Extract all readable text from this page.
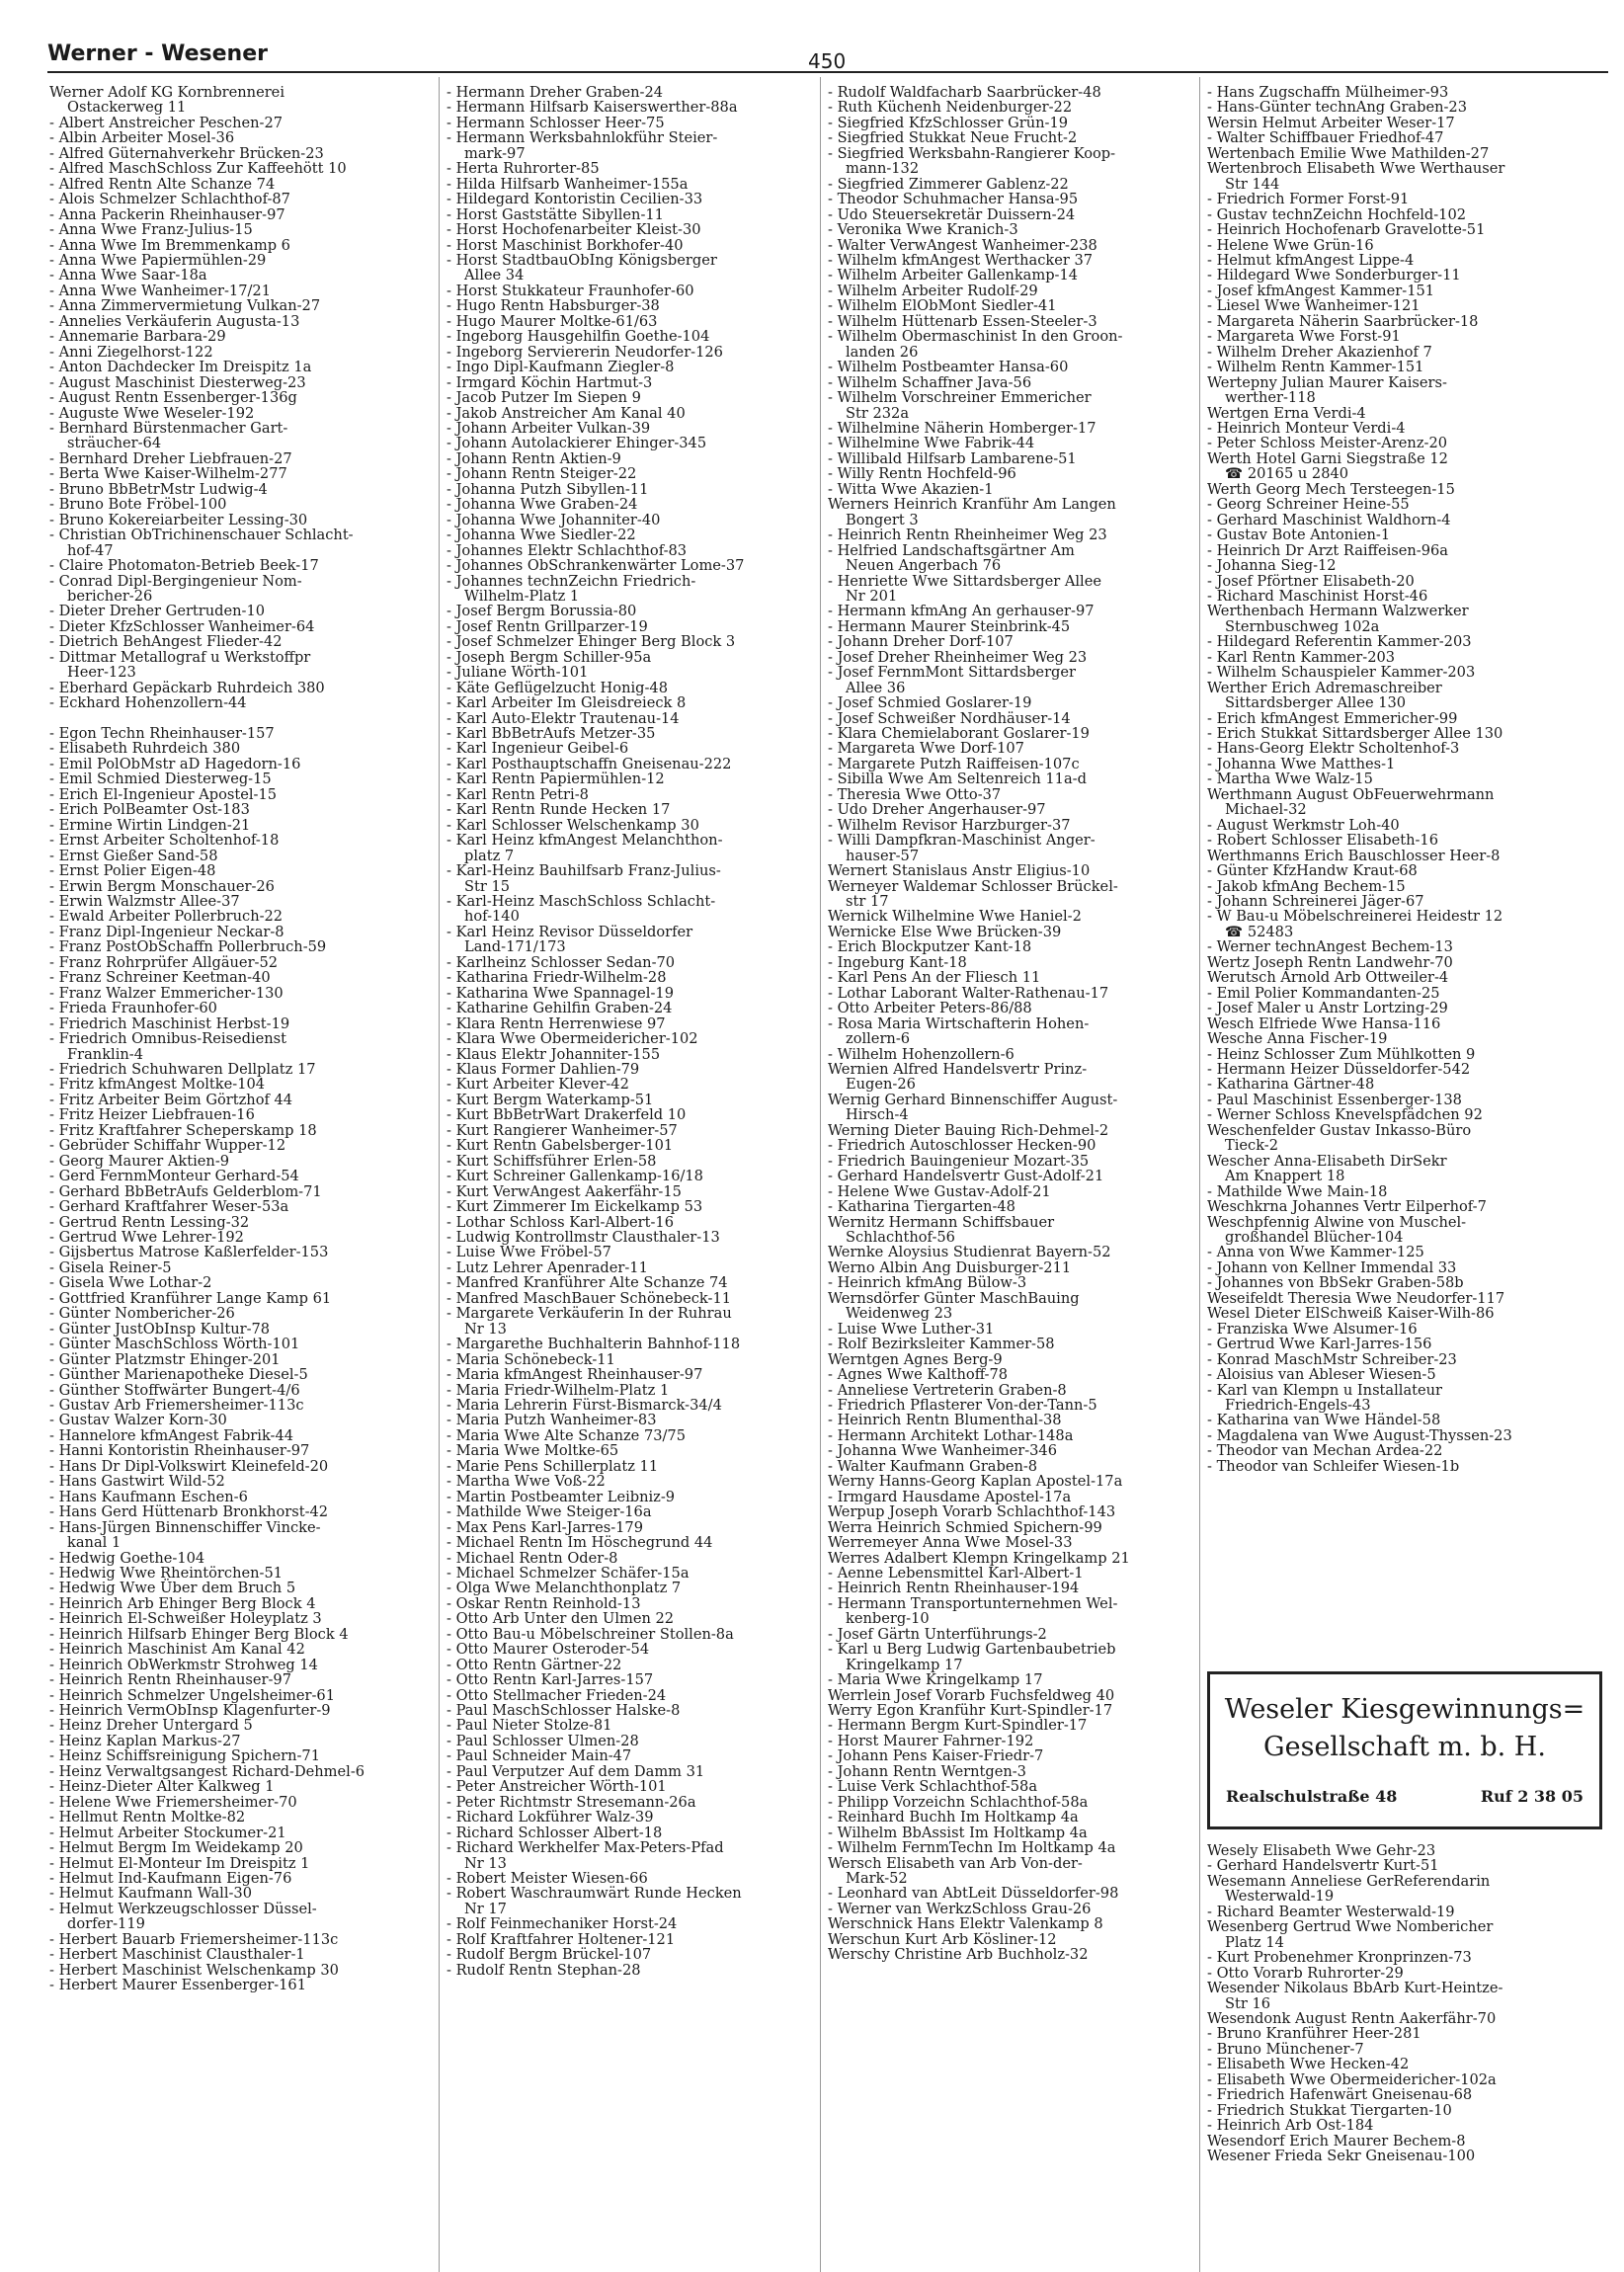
Werner - Wesener	450
Werner Adolf KG Kornbrennerei
Ostackerweg 11
- Albert Anstreicher Peschen-27
- Albin Arbeiter Mosel-36
- Alfred Güternahverkehr Brücken-23
- Alfred MaschSchloss Zur Kaffeehött 10
- Alfred Rentn Alte Schanze 74
- Alois Schmelzer Schlachthof-87
- Anna Packerin Rheinhauser-97
- Anna Wwe Franz-Julius-15
- Anna Wwe Im Bremmenkamp 6
- Anna Wwe Papiermühlen-29
- Anna Wwe Saar-18a
- Anna Wwe Wanheimer-17/21
- Anna Zimmervermietung Vulkan-27
- Annelies Verkäuferin Augusta-13
- Annemarie Barbara-29
- Anni Ziegelhorst-122
- Anton Dachdecker Im Dreispitz 1a
- August Maschinist Diesterweg-23
- August Rentn Essenberger-136g
- Auguste Wwe Weseler-192
- Bernhard Bürstenmacher Gart-
sträucher-64
- Bernhard Dreher Liebfrauen-27
- Berta Wwe Kaiser-Wilhelm-277
- Bruno BbBetrMstr Ludwig-4
- Bruno Bote Fröbel-100
- Bruno Kokereiarbeiter Lessing-30
- Christian ObTrichinenschauer Schlacht-
hof-47
- Claire Photomaton-Betrieb Beek-17
- Conrad Dipl-Bergingenieur Nom-
bericher-26
- Dieter Dreher Gertruden-10
- Dieter KfzSchlosser Wanheimer-64
- Dietrich BehAngest Flieder-42
- Dittmar Metallograf u Werkstoffpr
Heer-123
- Eberhard Gepäckarb Ruhrdeich 380
- Eckhard Hohenzollern-44

- Egon Techn Rheinhauser-157
- Elisabeth Ruhrdeich 380
- Emil PolObMstr aD Hagedorn-16
- Emil Schmied Diesterweg-15
- Erich El-Ingenieur Apostel-15
- Erich PolBeamter Ost-183
- Ermine Wirtin Lindgen-21
- Ernst Arbeiter Scholtenhof-18
- Ernst Gießer Sand-58
- Ernst Polier Eigen-48
- Erwin Bergm Monschauer-26
- Erwin Walzmstr Allee-37
- Ewald Arbeiter Pollerbruch-22
- Franz Dipl-Ingenieur Neckar-8
- Franz PostObSchaffn Pollerbruch-59
- Franz Rohrprüfer Allgäuer-52
- Franz Schreiner Keetman-40
- Franz Walzer Emmericher-130
- Frieda Fraunhofer-60
- Friedrich Maschinist Herbst-19
- Friedrich Omnibus-Reisedienst
Franklin-4
- Friedrich Schuhwaren Dellplatz 17
- Fritz kfmAngest Moltke-104
- Fritz Arbeiter Beim Görtzhof 44
- Fritz Heizer Liebfrauen-16
- Fritz Kraftfahrer Scheperskamp 18
- Gebrüder Schiffahr Wupper-12
- Georg Maurer Aktien-9
- Gerd FernmMonteur Gerhard-54
- Gerhard BbBetrAufs Gelderblom-71
- Gerhard Kraftfahrer Weser-53a
- Gertrud Rentn Lessing-32
- Gertrud Wwe Lehrer-192
- Gijsbertus Matrose Kaßlerfelder-153
- Gisela Reiner-5
- Gisela Wwe Lothar-2
- Gottfried Kranführer Lange Kamp 61
- Günter Nombericher-26
- Günter JustObInsp Kultur-78
- Günter MaschSchloss Wörth-101
- Günter Platzmstr Ehinger-201
- Günther Marienapotheke Diesel-5
- Günther Stoffwärter Bungert-4/6
- Gustav Arb Friemersheimer-113c
- Gustav Walzer Korn-30
- Hannelore kfmAngest Fabrik-44
- Hanni Kontoristin Rheinhauser-97
- Hans Dr Dipl-Volkswirt Kleinefeld-20
- Hans Gastwirt Wild-52
- Hans Kaufmann Eschen-6
- Hans Gerd Hüttenarb Bronkhorst-42
- Hans-Jürgen Binnenschiffer Vincke-
kanal 1
- Hedwig Goethe-104
- Hedwig Wwe Rheintörchen-51
- Hedwig Wwe Über dem Bruch 5
- Heinrich Arb Ehinger Berg Block 4
- Heinrich El-Schweißer Holeyplatz 3
- Heinrich Hilfsarb Ehinger Berg Block 4
- Heinrich Maschinist Am Kanal 42
- Heinrich ObWerkmstr Strohweg 14
- Heinrich Rentn Rheinhauser-97
- Heinrich Schmelzer Ungelsheimer-61
- Heinrich VermObInsp Klagenfurter-9
- Heinz Dreher Untergard 5
- Heinz Kaplan Markus-27
- Heinz Schiffsreinigung Spichern-71
- Heinz Verwaltgsangest Richard-Dehmel-6
- Heinz-Dieter Alter Kalkweg 1
- Helene Wwe Friemersheimer-70
- Hellmut Rentn Moltke-82
- Helmut Arbeiter Stockumer-21
- Helmut Bergm Im Weidekamp 20
- Helmut El-Monteur Im Dreispitz 1
- Helmut Ind-Kaufmann Eigen-76
- Helmut Kaufmann Wall-30
- Helmut Werkzeugschlosser Düssel-
dorfer-119
- Herbert Bauarb Friemersheimer-113c
- Herbert Maschinist Clausthaler-1
- Herbert Maschinist Welschenkamp 30
- Herbert Maurer Essenberger-161
- Hermann Dreher Graben-24
- Hermann Hilfsarb Kaiserswerther-88a
- Hermann Schlosser Heer-75
- Hermann Werksbahnlokführ Steier-
mark-97
- Herta Ruhrorter-85
- Hilda Hilfsarb Wanheimer-155a
- Hildegard Kontoristin Cecilien-33
- Horst Gaststätte Sibyllen-11
- Horst Hochofenarbeiter Kleist-30
- Horst Maschinist Borkhofer-40
- Horst StadtbauObIng Königsberger
Allee 34
- Horst Stukkateur Fraunhofer-60
- Hugo Rentn Habsburger-38
- Hugo Maurer Moltke-61/63
- Ingeborg Hausgehilfin Goethe-104
- Ingeborg Serviererin Neudorfer-126
- Ingo Dipl-Kaufmann Ziegler-8
- Irmgard Köchin Hartmut-3
- Jacob Putzer Im Siepen 9
- Jakob Anstreicher Am Kanal 40
- Johann Arbeiter Vulkan-39
- Johann Autolackierer Ehinger-345
- Johann Rentn Aktien-9
- Johann Rentn Steiger-22
- Johanna Putzh Sibyllen-11
- Johanna Wwe Graben-24
- Johanna Wwe Johanniter-40
- Johanna Wwe Siedler-22
- Johannes Elektr Schlachthof-83
- Johannes ObSchrankenwärter Lome-37
- Johannes technZeichn Friedrich-
Wilhelm-Platz 1
- Josef Bergm Borussia-80
- Josef Rentn Grillparzer-19
- Josef Schmelzer Ehinger Berg Block 3
- Joseph Bergm Schiller-95a
- Juliane Wörth-101
- Käte Geflügelzucht Honig-48
- Karl Arbeiter Im Gleisdreieck 8
- Karl Auto-Elektr Trautenau-14
- Karl BbBetrAufs Metzer-35
- Karl Ingenieur Geibel-6
- Karl Posthauptschaffn Gneisenau-222
- Karl Rentn Papiermühlen-12
- Karl Rentn Petri-8
- Karl Rentn Runde Hecken 17
- Karl Schlosser Welschenkamp 30
- Karl Heinz kfmAngest Melanchthon-
platz 7
- Karl-Heinz Bauhilfsarb Franz-Julius-
Str 15
- Karl-Heinz MaschSchloss Schlacht-
hof-140
- Karl Heinz Revisor Düsseldorfer
Land-171/173
- Karlheinz Schlosser Sedan-70
- Katharina Friedr-Wilhelm-28
- Katharina Wwe Spannagel-19
- Katharine Gehilfin Graben-24
- Klara Rentn Herrenwiese 97
- Klara Wwe Obermeidericher-102
- Klaus Elektr Johanniter-155
- Klaus Former Dahlien-79
- Kurt Arbeiter Klever-42
- Kurt Bergm Waterkamp-51
- Kurt BbBetrWart Drakerfeld 10
- Kurt Rangierer Wanheimer-57
- Kurt Rentn Gabelsberger-101
- Kurt Schiffsführer Erlen-58
- Kurt Schreiner Gallenkamp-16/18
- Kurt VerwAngest Aakerfähr-15
- Kurt Zimmerer Im Eickelkamp 53
- Lothar Schloss Karl-Albert-16
- Ludwig Kontrollmstr Clausthaler-13
- Luise Wwe Fröbel-57
- Lutz Lehrer Apenrader-11
- Manfred Kranführer Alte Schanze 74
- Manfred MaschBauer Schönebeck-11
- Margarete Verkäuferin In der Ruhrau
Nr 13
- Margarethe Buchhalterin Bahnhof-118
- Maria Schönebeck-11
- Maria kfmAngest Rheinhauser-97
- Maria Friedr-Wilhelm-Platz 1
- Maria Lehrerin Fürst-Bismarck-34/4
- Maria Putzh Wanheimer-83
- Maria Wwe Alte Schanze 73/75
- Maria Wwe Moltke-65
- Marie Pens Schillerplatz 11
- Martha Wwe Voß-22
- Martin Postbeamter Leibniz-9
- Mathilde Wwe Steiger-16a
- Max Pens Karl-Jarres-179
- Michael Rentn Im Höschegrund 44
- Michael Rentn Oder-8
- Michael Schmelzer Schäfer-15a
- Olga Wwe Melanchthonplatz 7
- Oskar Rentn Reinhold-13
- Otto Arb Unter den Ulmen 22
- Otto Bau-u Möbelschreiner Stollen-8a
- Otto Maurer Osteroder-54
- Otto Rentn Gärtner-22
- Otto Rentn Karl-Jarres-157
- Otto Stellmacher Frieden-24
- Paul MaschSchlosser Halske-8
- Paul Nieter Stolze-81
- Paul Schlosser Ulmen-28
- Paul Schneider Main-47
- Paul Verputzer Auf dem Damm 31
- Peter Anstreicher Wörth-101
- Peter Richtmstr Stresemann-26a
- Richard Lokführer Walz-39
- Richard Schlosser Albert-18
- Richard Werkhelfer Max-Peters-Pfad
Nr 13
- Robert Meister Wiesen-66
- Robert Waschraumwärt Runde Hecken
Nr 17
- Rolf Feinmechaniker Horst-24
- Rolf Kraftfahrer Holtener-121
- Rudolf Bergm Brückel-107
- Rudolf Rentn Stephan-28
- Rudolf Waldfacharb Saarbrücker-48
- Ruth Küchenh Neidenburger-22
- Siegfried KfzSchlosser Grün-19
- Siegfried Stukkat Neue Frucht-2
- Siegfried Werksbahn-Rangierer Koop-
mann-132
- Siegfried Zimmerer Gablenz-22
- Theodor Schuhmacher Hansa-95
- Udo Steuersekretär Duissern-24
- Veronika Wwe Kranich-3
- Walter VerwAngest Wanheimer-238
- Wilhelm kfmAngest Werthacker 37
- Wilhelm Arbeiter Gallenkamp-14
- Wilhelm Arbeiter Rudolf-29
- Wilhelm ElObMont Siedler-41
- Wilhelm Hüttenarb Essen-Steeler-3
- Wilhelm Obermaschinist In den Groon-
landen 26
- Wilhelm Postbeamter Hansa-60
- Wilhelm Schaffner Java-56
- Wilhelm Vorschreiner Emmericher
Str 232a
- Wilhelmine Näherin Homberger-17
- Wilhelmine Wwe Fabrik-44
- Willibald Hilfsarb Lambarene-51
- Willy Rentn Hochfeld-96
- Witta Wwe Akazien-1
Werners Heinrich Kranführ Am Langen
Bongert 3
- Heinrich Rentn Rheinheimer Weg 23
- Helfried Landschaftsgärtner Am
Neuen Angerbach 76
- Henriette Wwe Sittardsberger Allee
Nr 201
- Hermann kfmAng An gerhauser-97
- Hermann Maurer Steinbrink-45
- Johann Dreher Dorf-107
- Josef Dreher Rheinheimer Weg 23
- Josef FernmMont Sittardsberger
Allee 36
- Josef Schmied Goslarer-19
- Josef Schweißer Nordhäuser-14
- Klara Chemielaborant Goslarer-19
- Margareta Wwe Dorf-107
- Margarete Putzh Raiffeisen-107c
- Sibilla Wwe Am Seltenreich 11a-d
- Theresia Wwe Otto-37
- Udo Dreher Angerhauser-97
- Wilhelm Revisor Harzburger-37
- Willi Dampfkran-Maschinist Anger-
hauser-57
Wernert Stanislaus Anstr Eligius-10
Werneyer Waldemar Schlosser Brückel-
str 17
Wernick Wilhelmine Wwe Haniel-2
Wernicke Else Wwe Brücken-39
- Erich Blockputzer Kant-18
- Ingeburg Kant-18
- Karl Pens An der Fliesch 11
- Lothar Laborant Walter-Rathenau-17
- Otto Arbeiter Peters-86/88
- Rosa Maria Wirtschafterin Hohen-
zollern-6
- Wilhelm Hohenzollern-6
Wernien Alfred Handelsvertr Prinz-
Eugen-26
Wernig Gerhard Binnenschiffer August-
Hirsch-4
Werning Dieter Bauing Rich-Dehmel-2
- Friedrich Autoschlosser Hecken-90
- Friedrich Bauingenieur Mozart-35
- Gerhard Handelsvertr Gust-Adolf-21
- Helene Wwe Gustav-Adolf-21
- Katharina Tiergarten-48
Wernitz Hermann Schiffsbauer
Schlachthof-56
Wernke Aloysius Studienrat Bayern-52
Werno Albin Ang Duisburger-211
- Heinrich kfmAng Bülow-3
Wernsdörfer Günter MaschBauing
Weidenweg 23
- Luise Wwe Luther-31
- Rolf Bezirksleiter Kammer-58
Werntgen Agnes Berg-9
- Agnes Wwe Kalthoff-78
- Anneliese Vertreterin Graben-8
- Friedrich Pflasterer Von-der-Tann-5
- Heinrich Rentn Blumenthal-38
- Hermann Architekt Lothar-148a
- Johanna Wwe Wanheimer-346
- Walter Kaufmann Graben-8
Werny Hanns-Georg Kaplan Apostel-17a
- Irmgard Hausdame Apostel-17a
Werpup Joseph Vorarb Schlachthof-143
Werra Heinrich Schmied Spichern-99
Werremeyer Anna Wwe Mosel-33
Werres Adalbert Klempn Kringelkamp 21
- Aenne Lebensmittel Karl-Albert-1
- Heinrich Rentn Rheinhauser-194
- Hermann Transportunternehmen Wel-
kenberg-10
- Josef Gärtn Unterführungs-2
- Karl u Berg Ludwig Gartenbaubetrieb
Kringelkamp 17
- Maria Wwe Kringelkamp 17
Werrlein Josef Vorarb Fuchsfeldweg 40
Werry Egon Kranführ Kurt-Spindler-17
- Hermann Bergm Kurt-Spindler-17
- Horst Maurer Fahrner-192
- Johann Pens Kaiser-Friedr-7
- Johann Rentn Werntgen-3
- Luise Verk Schlachthof-58a
- Philipp Vorzeichn Schlachthof-58a
- Reinhard Buchh Im Holtkamp 4a
- Wilhelm BbAssist Im Holtkamp 4a
- Wilhelm FernmTechn Im Holtkamp 4a
Wersch Elisabeth van Arb Von-der-
Mark-52
- Leonhard van AbtLeit Düsseldorfer-98
- Werner van WerkzSchloss Grau-26
Werschnick Hans Elektr Valenkamp 8
Werschun Kurt Arb Kösliner-12
Werschy Christine Arb Buchholz-32
- Hans Zugschaffn Mülheimer-93
- Hans-Günter technAng Graben-23
Wersin Helmut Arbeiter Weser-17
- Walter Schiffbauer Friedhof-47
Wertenbach Emilie Wwe Mathilden-27
Wertenbroch Elisabeth Wwe Werthauser
Str 144
- Friedrich Former Forst-91
- Gustav technZeichn Hochfeld-102
- Heinrich Hochofenarb Gravelotte-51
- Helene Wwe Grün-16
- Helmut kfmAngest Lippe-4
- Hildegard Wwe Sonderburger-11
- Josef kfmAngest Kammer-151
- Liesel Wwe Wanheimer-121
- Margareta Näherin Saarbrücker-18
- Margareta Wwe Forst-91
- Wilhelm Dreher Akazienhof 7
- Wilhelm Rentn Kammer-151
Wertepny Julian Maurer Kaisers-
werther-118
Wertgen Erna Verdi-4
- Heinrich Monteur Verdi-4
- Peter Schloss Meister-Arenz-20
Werth Hotel Garni Siegstraße 12
☎ 20165 u 2840
Werth Georg Mech Tersteegen-15
- Georg Schreiner Heine-55
- Gerhard Maschinist Waldhorn-4
- Gustav Bote Antonien-1
- Heinrich Dr Arzt Raiffeisen-96a
- Johanna Sieg-12
- Josef Pförtner Elisabeth-20
- Richard Maschinist Horst-46
Werthenbach Hermann Walzwerker
Sternbuschweg 102a
- Hildegard Referentin Kammer-203
- Karl Rentn Kammer-203
- Wilhelm Schauspieler Kammer-203
Werther Erich Adremaschreiber
Sittardsberger Allee 130
- Erich kfmAngest Emmericher-99
- Erich Stukkat Sittardsberger Allee 130
- Hans-Georg Elektr Scholtenhof-3
- Johanna Wwe Matthes-1
- Martha Wwe Walz-15
Werthmann August ObFeuerwehrmann
Michael-32
- August Werkmstr Loh-40
- Robert Schlosser Elisabeth-16
Werthmanns Erich Bauschlosser Heer-8
- Günter KfzHandw Kraut-68
- Jakob kfmAng Bechem-15
- Johann Schreinerei Jäger-67
- W Bau-u Möbelschreinerei Heidestr 12
☎ 52483
- Werner technAngest Bechem-13
Wertz Joseph Rentn Landwehr-70
Werutsch Arnold Arb Ottweiler-4
- Emil Polier Kommandanten-25
- Josef Maler u Anstr Lortzing-29
Wesch Elfriede Wwe Hansa-116
Wesche Anna Fischer-19
- Heinz Schlosser Zum Mühlkotten 9
- Hermann Heizer Düsseldorfer-542
- Katharina Gärtner-48
- Paul Maschinist Essenberger-138
- Werner Schloss Knevelspfädchen 92
Weschenfelder Gustav Inkasso-Büro
Tieck-2
Wescher Anna-Elisabeth DirSekr
Am Knappert 18
- Mathilde Wwe Main-18
Weschkrna Johannes Vertr Eilperhof-7
Weschpfennig Alwine von Muschel-
großhandel Blücher-104
- Anna von Wwe Kammer-125
- Johann von Kellner Immendal 33
- Johannes von BbSekr Graben-58b
Weseifeldt Theresia Wwe Neudorfer-117
Wesel Dieter ElSchweiß Kaiser-Wilh-86
- Franziska Wwe Alsumer-16
- Gertrud Wwe Karl-Jarres-156
- Konrad MaschMstr Schreiber-23
- Aloisius van Ableser Wiesen-5
- Karl van Klempn u Installateur
Friedrich-Engels-43
- Katharina van Wwe Händel-58
- Magdalena van Wwe August-Thyssen-23
- Theodor van Mechan Ardea-22
- Theodor van Schleifer Wiesen-1b
Weseler Kiesgewinnungs=
Gesellschaft m. b. H.
Realschulstraße 48	Ruf 2 38 05
Wesely Elisabeth Wwe Gehr-23
- Gerhard Handelsvertr Kurt-51
Wesemann Anneliese GerReferendarin
Westerwald-19
- Richard Beamter Westerwald-19
Wesenberg Gertrud Wwe Nombericher
Platz 14
- Kurt Probenehmer Kronprinzen-73
- Otto Vorarb Ruhrorter-29
Wesender Nikolaus BbArb Kurt-Heintze-
Str 16
Wesendonk August Rentn Aakerfähr-70
- Bruno Kranführer Heer-281
- Bruno Münchener-7
- Elisabeth Wwe Hecken-42
- Elisabeth Wwe Obermeidericher-102a
- Friedrich Hafenwärt Gneisenau-68
- Friedrich Stukkat Tiergarten-10
- Heinrich Arb Ost-184
Wesendorf Erich Maurer Bechem-8
Wesener Frieda Sekr Gneisenau-100
